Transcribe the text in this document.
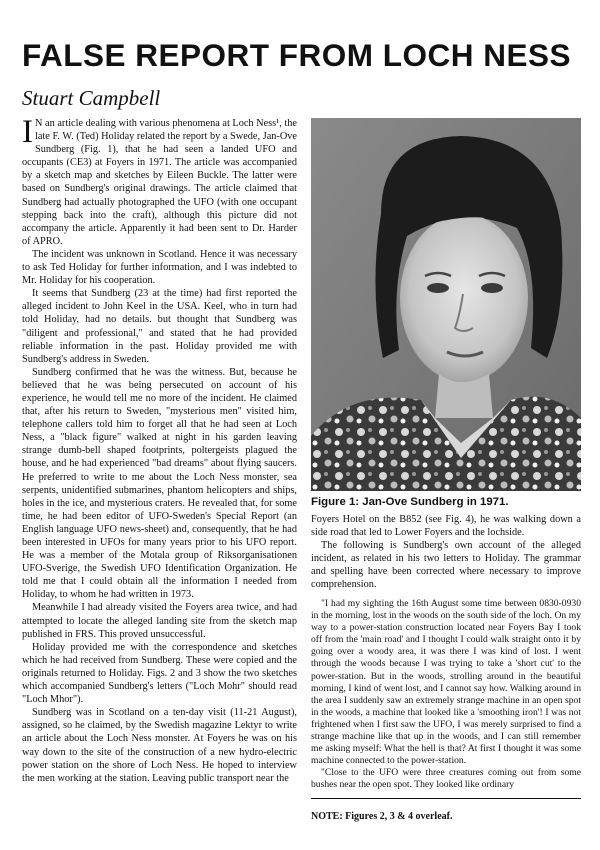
FALSE REPORT FROM LOCH NESS
Stuart Campbell

I N an article dealing with various phenomena at Loch Ness¹, the late F. W. (Ted) Holiday related the report by a Swede, Jan-Ove Sundberg (Fig. 1), that he had seen a landed UFO and occupants (CE3) at Foyers in 1971. The article was accompanied by a sketch map and sketches by Eileen Buckle. The latter were based on Sundberg's original drawings. The article claimed that Sundberg had actually photographed the UFO (with one occupant stepping back into the craft), although this picture did not accompany the article. Apparently it had been sent to Dr. Harder of APRO.

The incident was unknown in Scotland. Hence it was necessary to ask Ted Holiday for further information, and I was indebted to Mr. Holiday for his cooperation.

It seems that Sundberg (23 at the time) had first reported the alleged incident to John Keel in the USA. Keel, who in turn had told Holiday, had no details. but thought that Sundberg was "diligent and professional," and stated that he had provided reliable information in the past. Holiday provided me with Sundberg's address in Sweden.

Sundberg confirmed that he was the witness. But, because he believed that he was being persecuted on account of his experience, he would tell me no more of the incident. He claimed that, after his return to Sweden, "mysterious men" visited him, telephone callers told him to forget all that he had seen at Loch Ness, a "black figure" walked at night in his garden leaving strange dumb-bell shaped footprints, poltergeists plagued the house, and he had experienced "bad dreams" about flying saucers. He preferred to write to me about the Loch Ness monster, sea serpents, unidentified submarines, phantom helicopters and ships, holes in the ice, and mysterious craters. He revealed that, for some time, he had been editor of UFO-Sweden's Special Report (an English language UFO news-sheet) and, consequently, that he had been interested in UFOs for many years prior to his UFO report. He was a member of the Motala group of Riksorganisationen UFO-Sverige, the Swedish UFO Identification Organization. He told me that I could obtain all the information I needed from Holiday, to whom he had written in 1973.

Meanwhile I had already visited the Foyers area twice, and had attempted to locate the alleged landing site from the sketch map published in FRS. This proved unsuccessful.

Holiday provided me with the correspondence and sketches which he had received from Sundberg. These were copied and the originals returned to Holiday. Figs. 2 and 3 show the two sketches which accompanied Sundberg's letters ("Loch Mohr" should read "Loch Mhor").

Sundberg was in Scotland on a ten-day visit (11-21 August), assigned, so he claimed, by the Swedish magazine Lektyr to write an article about the Loch Ness monster. At Foyers he was on his way down to the site of the construction of a new hydro-electric power station on the shore of Loch Ness. He hoped to interview the men working at the station. Leaving public transport near the

Figure 1: Jan-Ove Sundberg in 1971.

Foyers Hotel on the B852 (see Fig. 4), he was walking down a side road that led to Lower Foyers and the lochside.

The following is Sundberg's own account of the alleged incident, as related in his two letters to Holiday. The grammar and spelling have been corrected where necessary to improve comprehension.

"I had my sighting the 16th August some time between 0830-0930 in the morning, lost in the woods on the south side of the loch. On my way to a power-station construction located near Foyers Bay I took off from the 'main road' and I thought I could walk straight onto it by going over a woody area, it was there I was kind of lost. I went through the woods because I was trying to take a 'short cut' to the power-station. But in the woods, strolling around in the beautiful morning, I kind of went lost, and I cannot say how. Walking around in the area I suddenly saw an extremely strange machine in an open spot in the woods, a machine that looked like a 'smoothing iron'! I was not frightened when I first saw the UFO, I was merely surprised to find a strange machine like that up in the woods, and I can still remember me asking myself: What the hell is that? At first I thought it was some machine connected to the power-station.

"Close to the UFO were three creatures coming out from some bushes near the open spot. They looked like ordinary

NOTE: Figures 2, 3 & 4 overleaf.
